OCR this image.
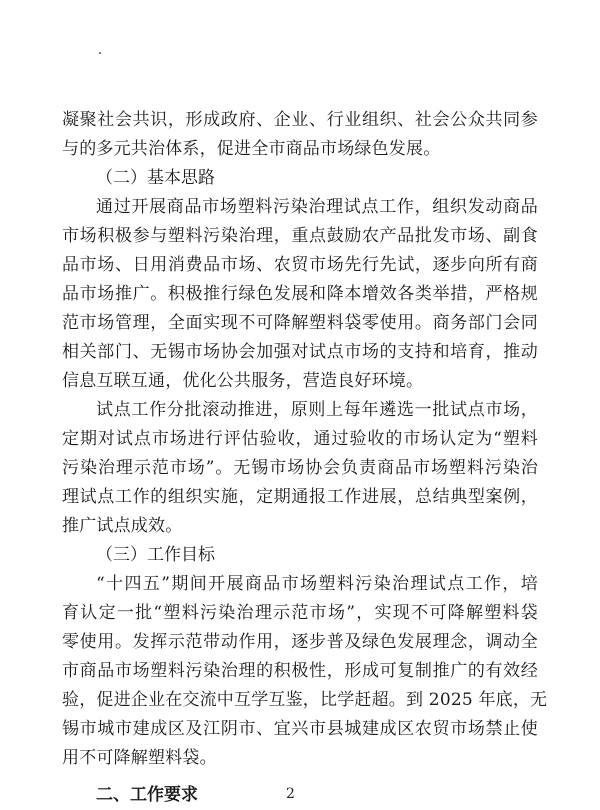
凝聚社会共识，形成政府、企业、行业组织、社会公众共同参
与的多元共治体系，促进全市商品市场绿色发展。
（二）基本思路
通过开展商品市场塑料污染治理试点工作，组织发动商品
市场积极参与塑料污染治理，重点鼓励农产品批发市场、副食
品市场、日用消费品市场、农贸市场先行先试，逐步向所有商
品市场推广。积极推行绿色发展和降本增效各类举措，严格规
范市场管理，全面实现不可降解塑料袋零使用。商务部门会同
相关部门、无锡市场协会加强对试点市场的支持和培育，推动
信息互联互通，优化公共服务，营造良好环境。
试点工作分批滚动推进，原则上每年遴选一批试点市场，
定期对试点市场进行评估验收，通过验收的市场认定为“塑料
污染治理示范市场”。无锡市场协会负责商品市场塑料污染治
理试点工作的组织实施，定期通报工作进展，总结典型案例，
推广试点成效。
（三）工作目标
“十四五”期间开展商品市场塑料污染治理试点工作，培
育认定一批“塑料污染治理示范市场”，实现不可降解塑料袋
零使用。发挥示范带动作用，逐步普及绿色发展理念，调动全
市商品市场塑料污染治理的积极性，形成可复制推广的有效经
验，促进企业在交流中互学互鉴，比学赶超。到 2025 年底，无
锡市城市建成区及江阴市、宜兴市县城建成区农贸市场禁止使
用不可降解塑料袋。
二、工作要求	2
